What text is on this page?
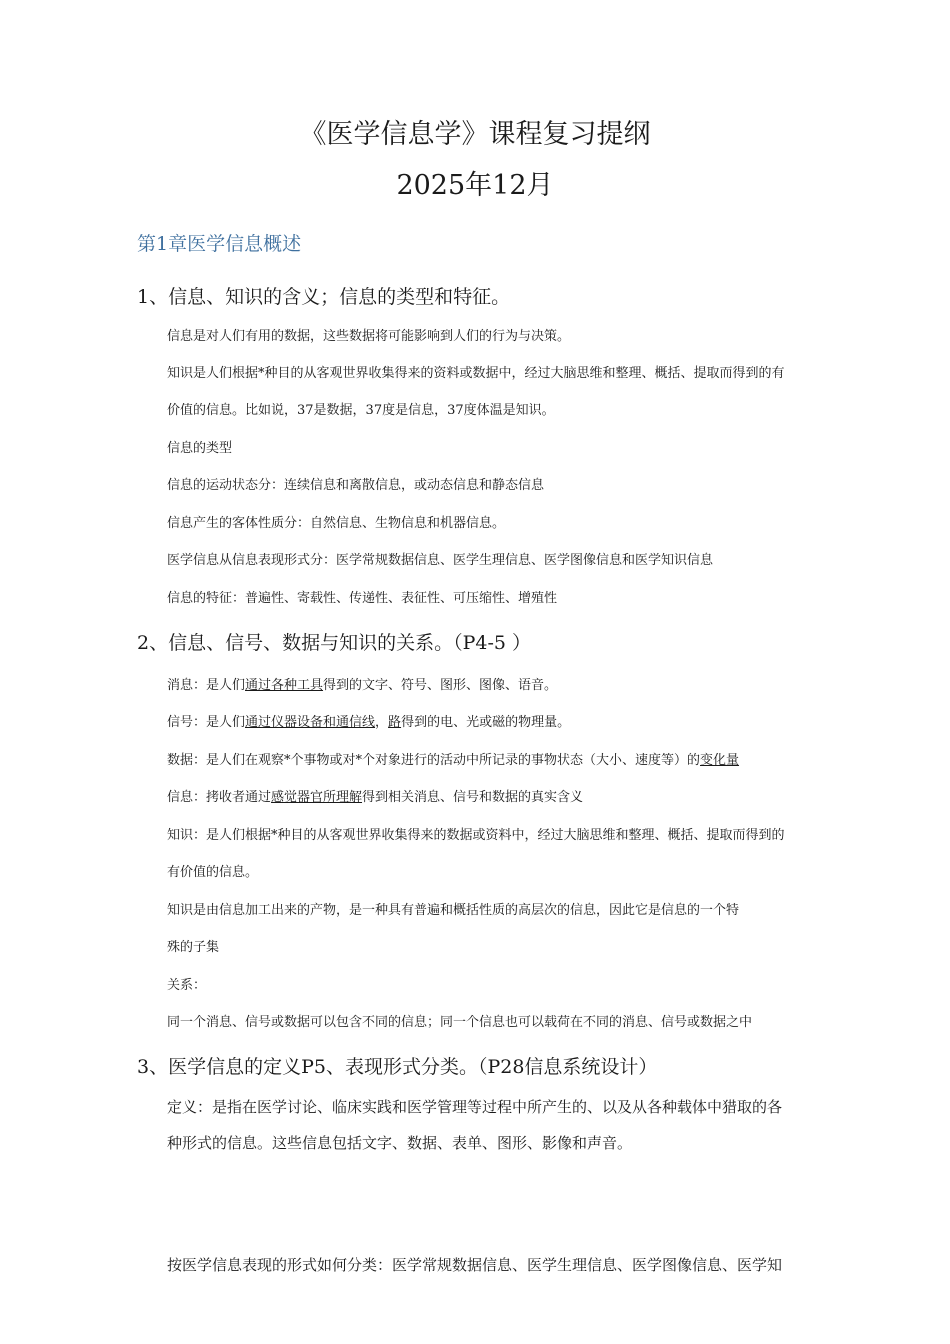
《医学信息学》课程复习提纲
2025年12月
第1章医学信息概述
1、信息、知识的含义；信息的类型和特征。
信息是对人们有用的数据，这些数据将可能影响到人们的行为与决策。
知识是人们根据*种目的从客观世界收集得来的资料或数据中，经过大脑思维和整理、概括、提取而得到的有
价值的信息。比如说，37是数据，37度是信息，37度体温是知识。
信息的类型
信息的运动状态分：连续信息和离散信息，或动态信息和静态信息
信息产生的客体性质分：自然信息、生物信息和机器信息。
医学信息从信息表现形式分：医学常规数据信息、医学生理信息、医学图像信息和医学知识信息
信息的特征：普遍性、寄载性、传递性、表征性、可压缩性、增殖性
2、信息、信号、数据与知识的关系。（P4-5 ）
消息：是人们通过各种工具得到的文字、符号、图形、图像、语音。
信号：是人们通过仪器设备和通信线，路得到的电、光或磁的物理量。
数据：是人们在观察*个事物或对*个对象进行的活动中所记录的事物状态（大小、速度等）的变化量
信息：拷收者通过感觉器官所理解得到相关消息、信号和数据的真实含义
知识：是人们根据*种目的从客观世界收集得来的数据或资料中，经过大脑思维和整理、概括、提取而得到的
有价值的信息。
知识是由信息加工出来的产物，是一种具有普遍和概括性质的高层次的信息，因此它是信息的一个特
殊的子集
关系：
同一个消息、信号或数据可以包含不同的信息；同一个信息也可以载荷在不同的消息、信号或数据之中
3、医学信息的定义P5、表现形式分类。（P28信息系统设计）
定义：是指在医学讨论、临床实践和医学管理等过程中所产生的、以及从各种载体中猎取的各
种形式的信息。这些信息包括文字、数据、表单、图形、影像和声音。
按医学信息表现的形式如何分类：医学常规数据信息、医学生理信息、医学图像信息、医学知
